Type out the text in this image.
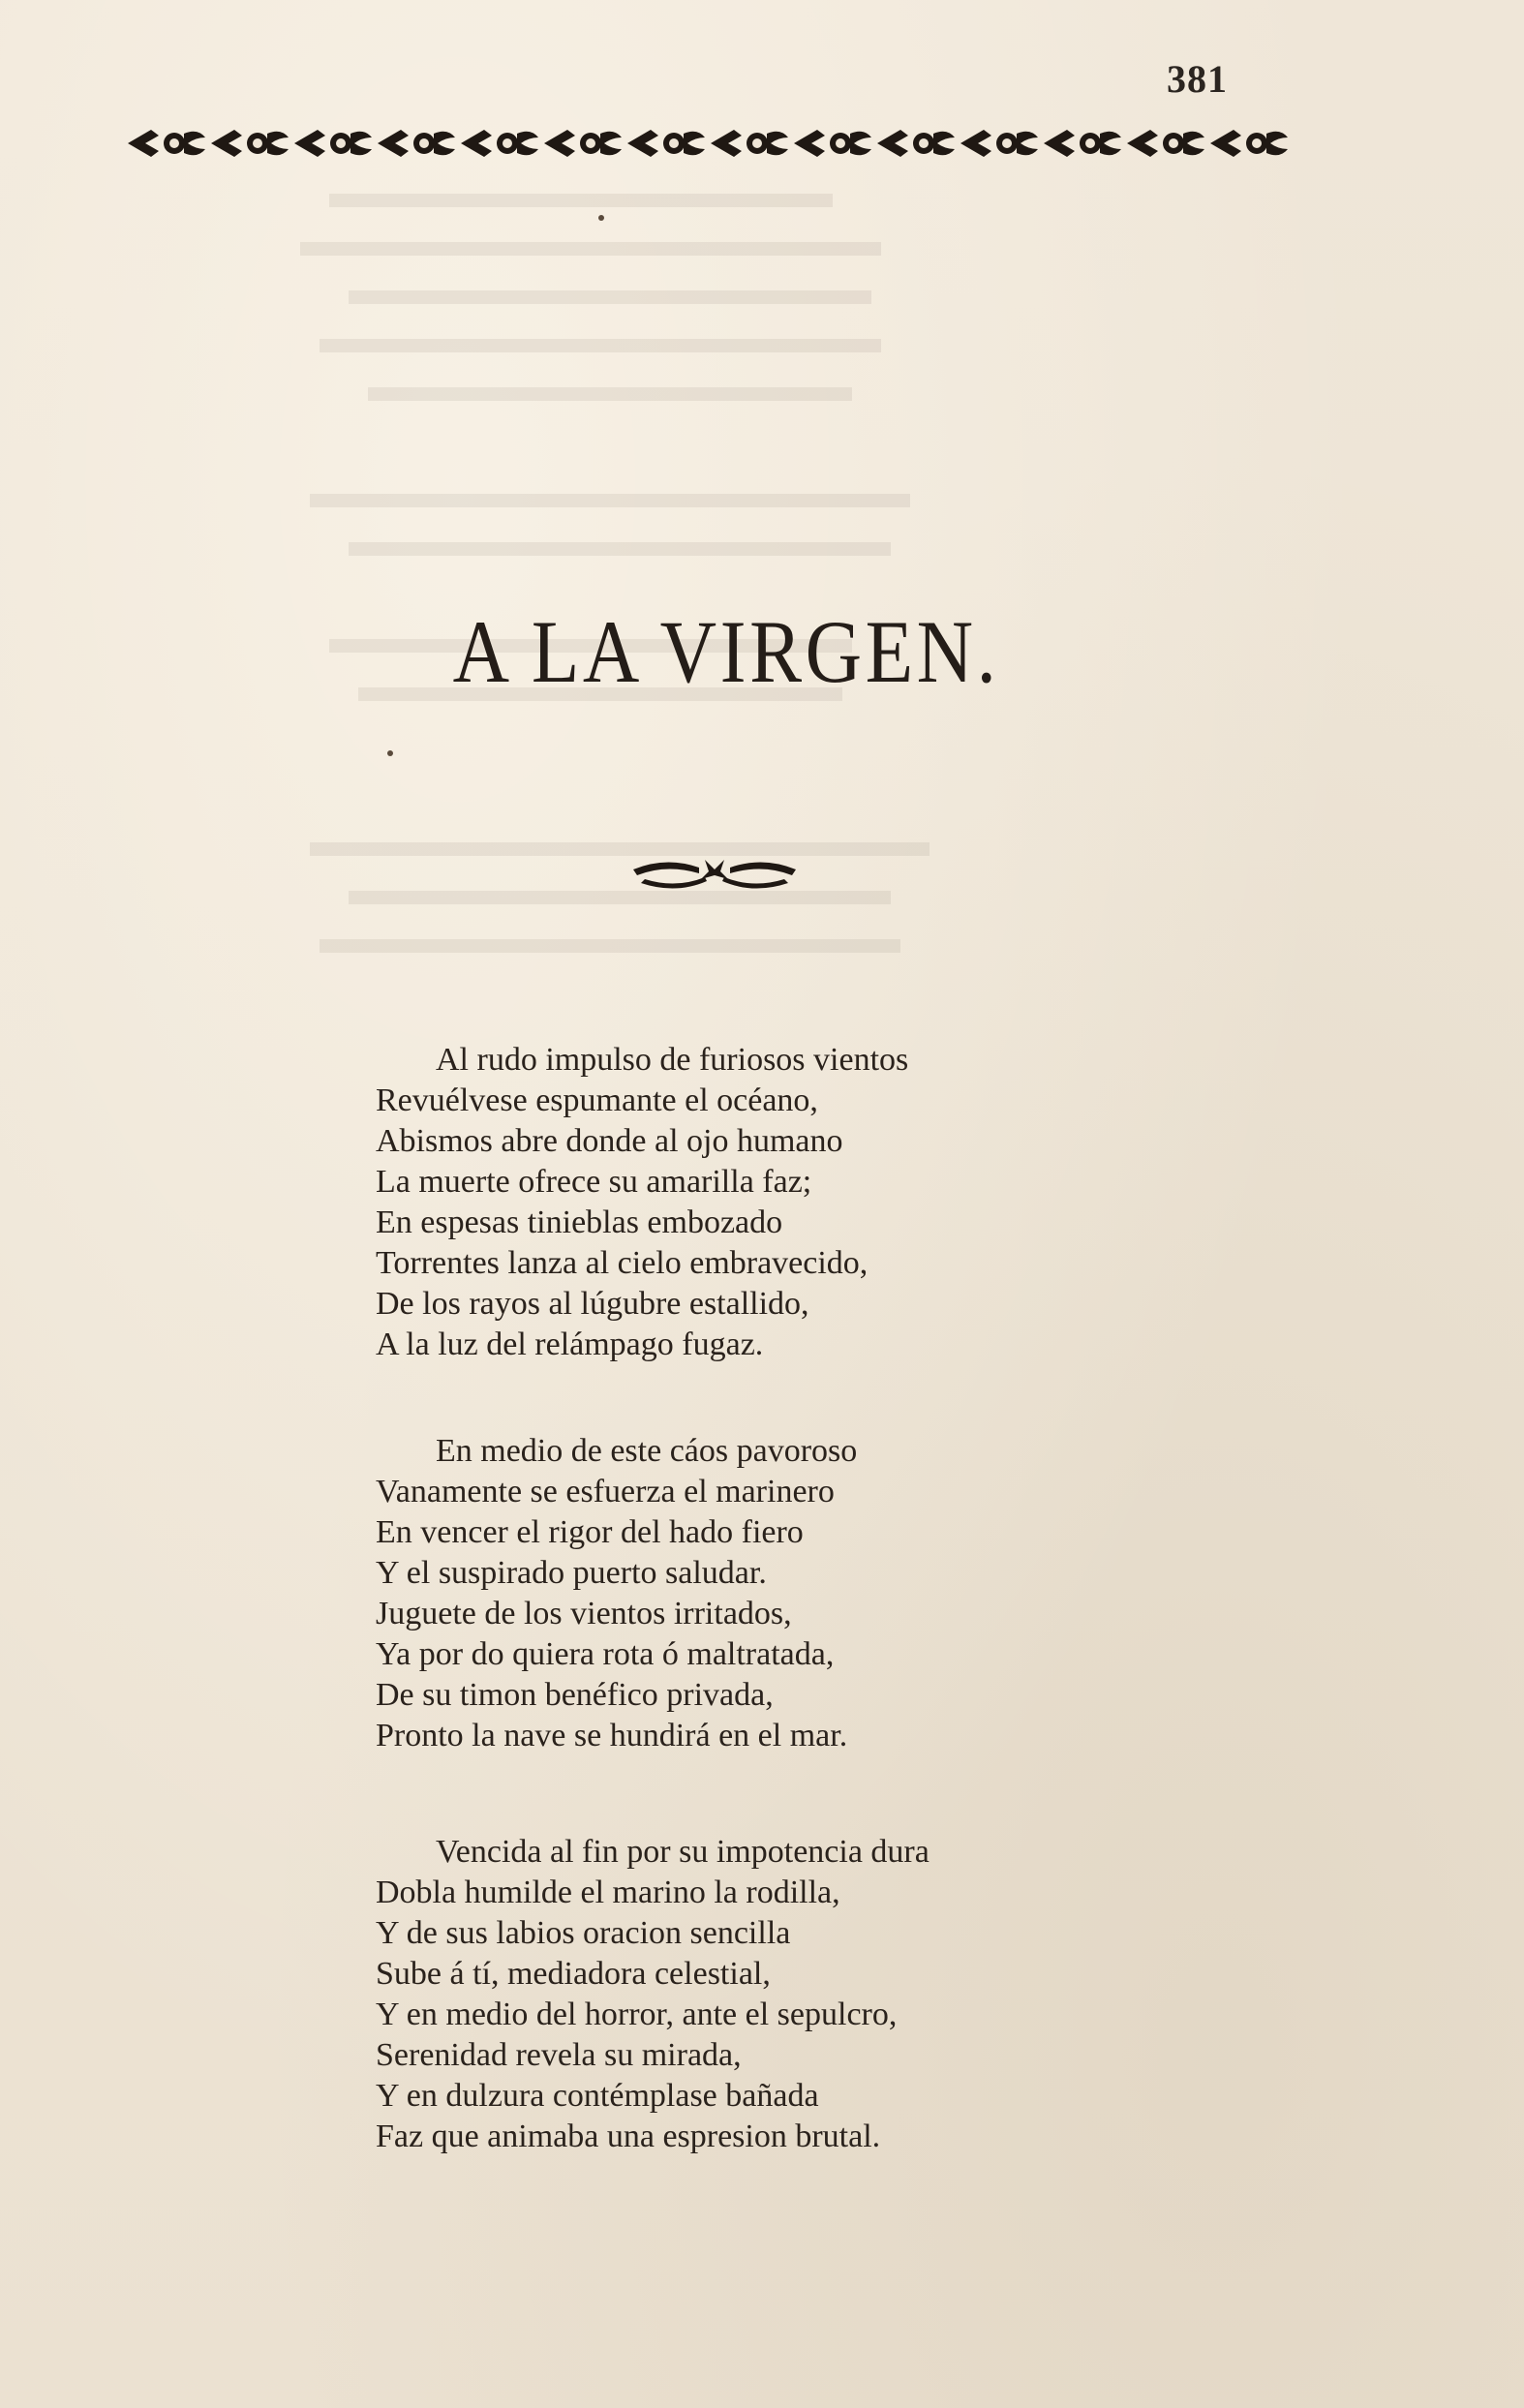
381
A LA VIRGEN.
Al rudo impulso de furiosos vientos
Revuélvese espumante el océano,
Abismos abre donde al ojo humano
La muerte ofrece su amarilla faz;
En espesas tinieblas embozado
Torrentes lanza al cielo embravecido,
De los rayos al lúgubre estallido,
A la luz del relámpago fugaz.
En medio de este cáos pavoroso
Vanamente se esfuerza el marinero
En vencer el rigor del hado fiero
Y el suspirado puerto saludar.
Juguete de los vientos irritados,
Ya por do quiera rota ó maltratada,
De su timon benéfico privada,
Pronto la nave se hundirá en el mar.
Vencida al fin por su impotencia dura
Dobla humilde el marino la rodilla,
Y de sus labios oracion sencilla
Sube á tí, mediadora celestial,
Y en medio del horror, ante el sepulcro,
Serenidad revela su mirada,
Y en dulzura contémplase bañada
Faz que animaba una espresion brutal.
